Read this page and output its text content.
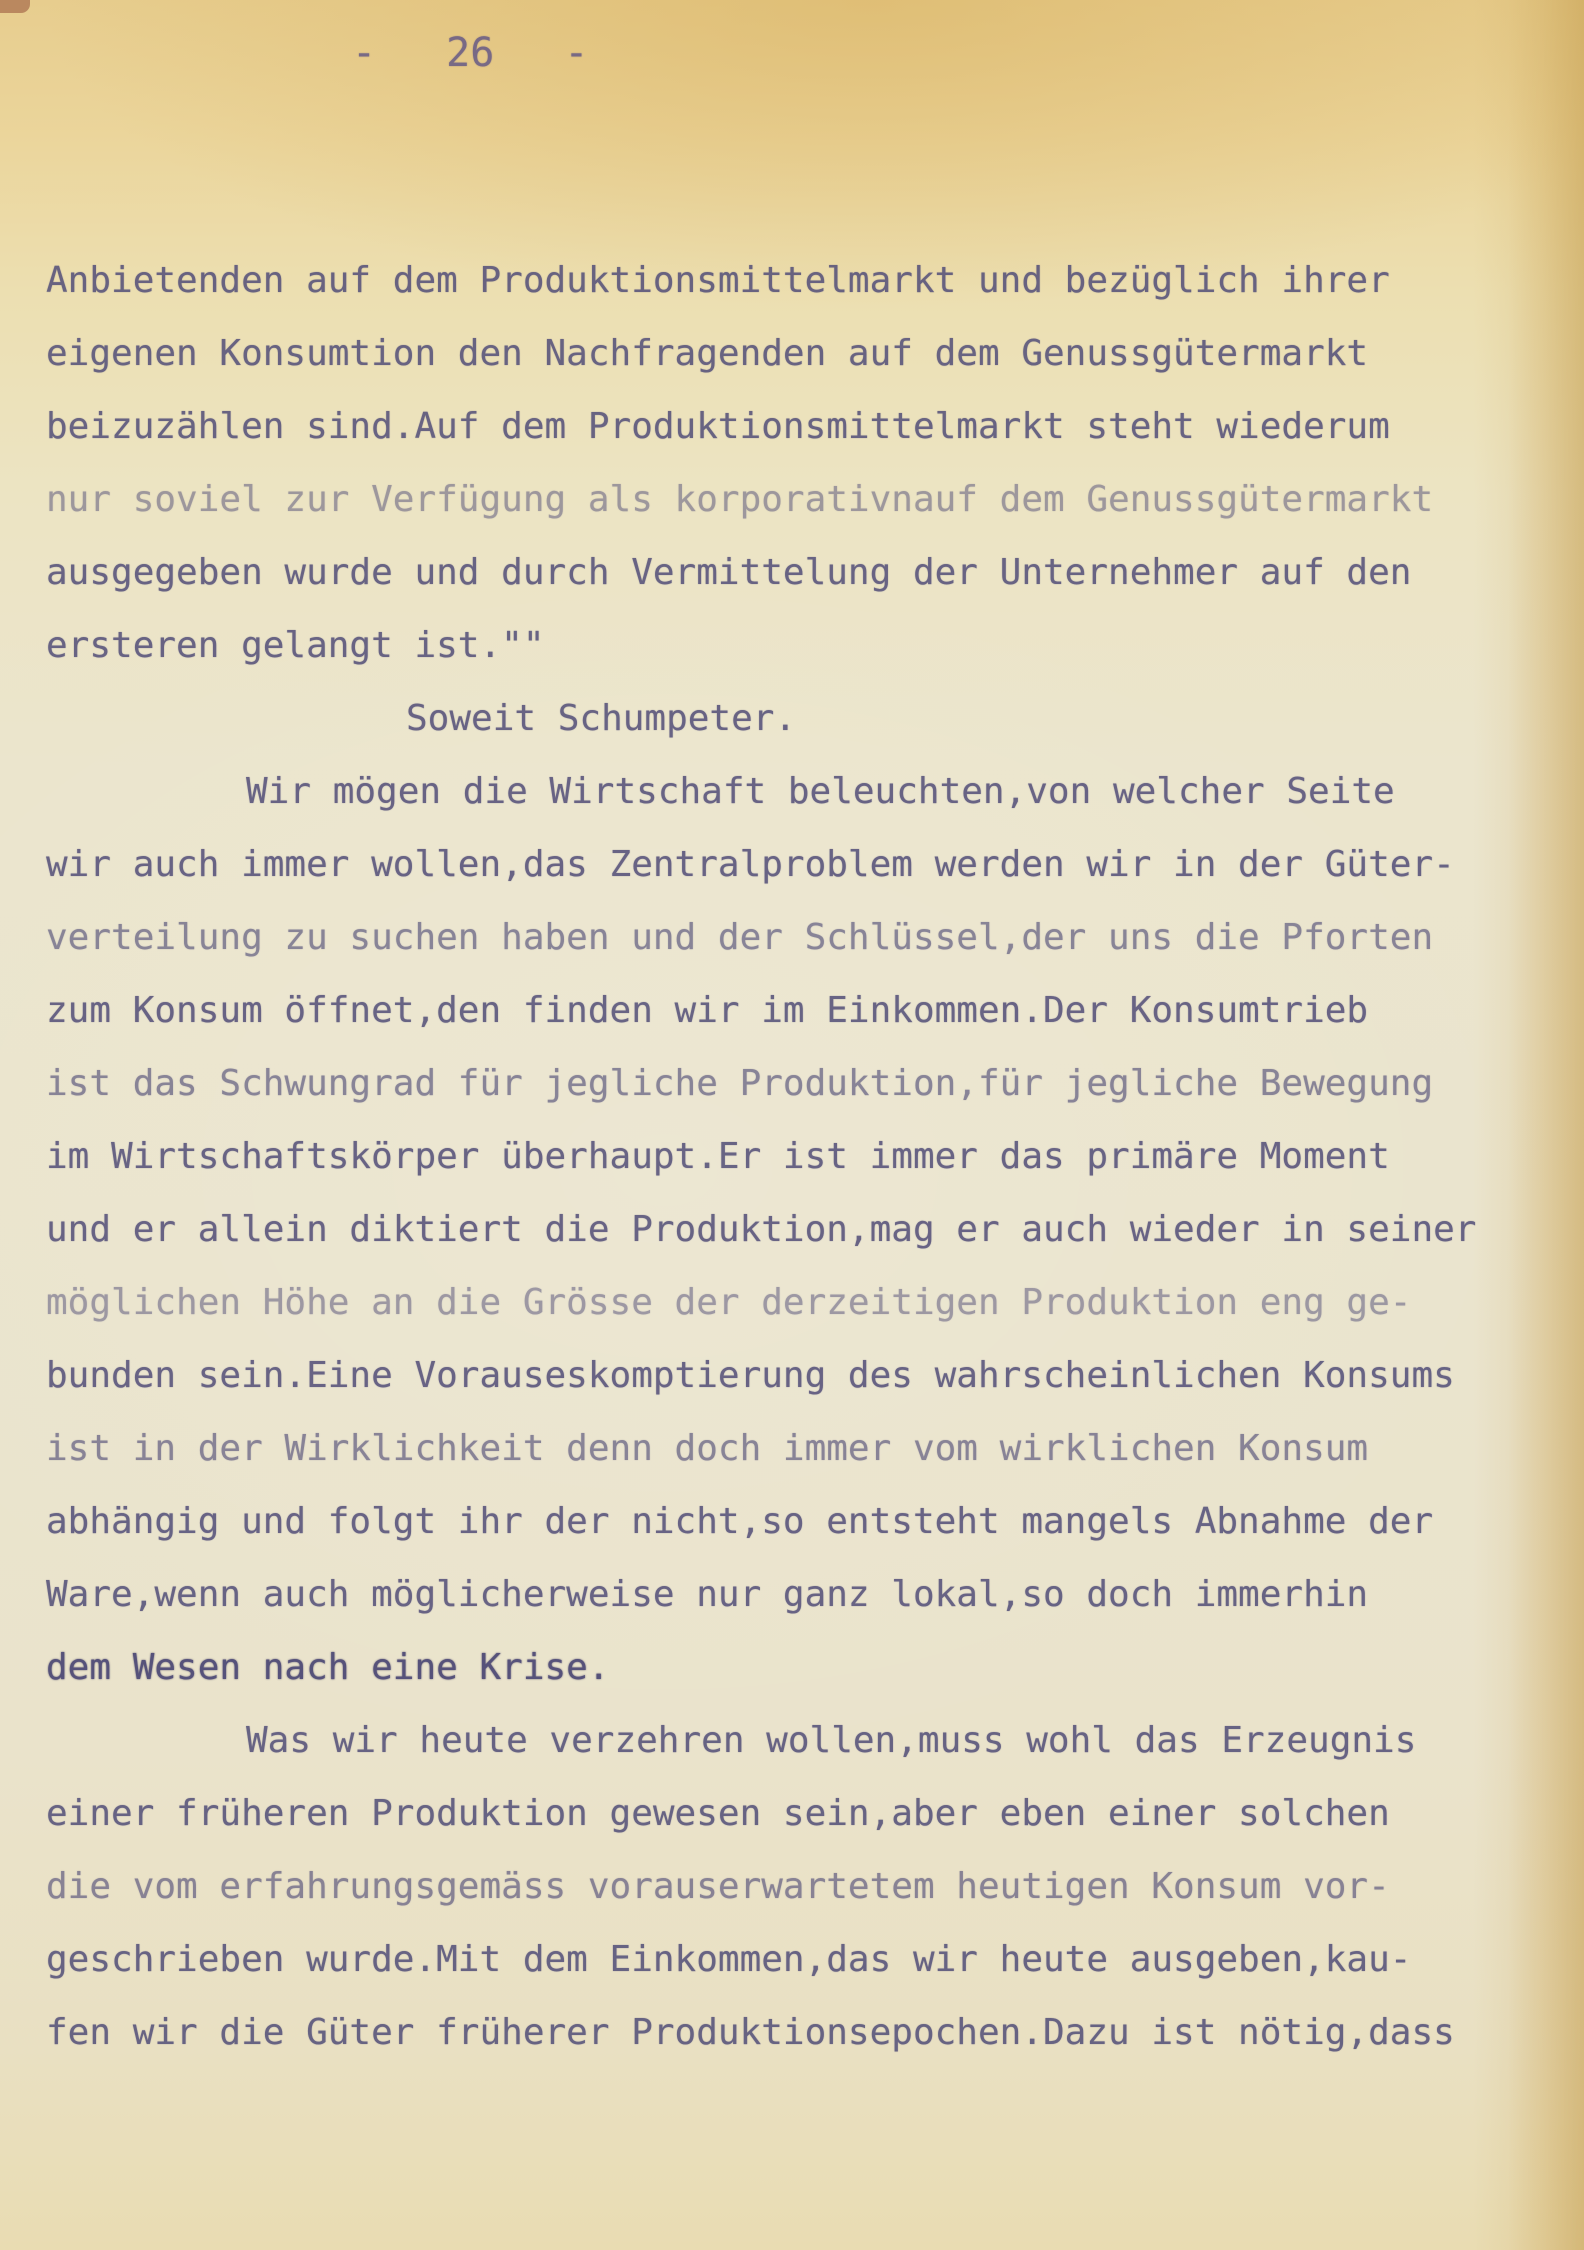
- 26 -
Anbietenden auf dem Produktionsmittelmarkt und bezüglich ihrer
eigenen Konsumtion den Nachfragenden auf dem Genussgütermarkt
beizuzählen sind.Auf dem Produktionsmittelmarkt steht wiederum
nur soviel zur Verfügung als korporativnauf dem Genussgütermarkt
ausgegeben wurde und durch Vermittelung der Unternehmer auf den
ersteren gelangt ist.""
Soweit Schumpeter.
Wir mögen die Wirtschaft beleuchten,von welcher Seite
wir auch immer wollen,das Zentralproblem werden wir in der Güter-
verteilung zu suchen haben und der Schlüssel,der uns die Pforten
zum Konsum öffnet,den finden wir im Einkommen.Der Konsumtrieb
ist das Schwungrad für jegliche Produktion,für jegliche Bewegung
im Wirtschaftskörper überhaupt.Er ist immer das primäre Moment
und er allein diktiert die Produktion,mag er auch wieder in seiner
möglichen Höhe an die Grösse der derzeitigen Produktion eng ge-
bunden sein.Eine Vorauseskomptierung des wahrscheinlichen Konsums
ist in der Wirklichkeit denn doch immer vom wirklichen Konsum
abhängig und folgt ihr der nicht,so entsteht mangels Abnahme der
Ware,wenn auch möglicherweise nur ganz lokal,so doch immerhin
dem Wesen nach eine Krise.
Was wir heute verzehren wollen,muss wohl das Erzeugnis
einer früheren Produktion gewesen sein,aber eben einer solchen
die vom erfahrungsgemäss vorauserwartetem heutigen Konsum vor-
geschrieben wurde.Mit dem Einkommen,das wir heute ausgeben,kau-
fen wir die Güter früherer Produktionsepochen.Dazu ist nötig,dass
